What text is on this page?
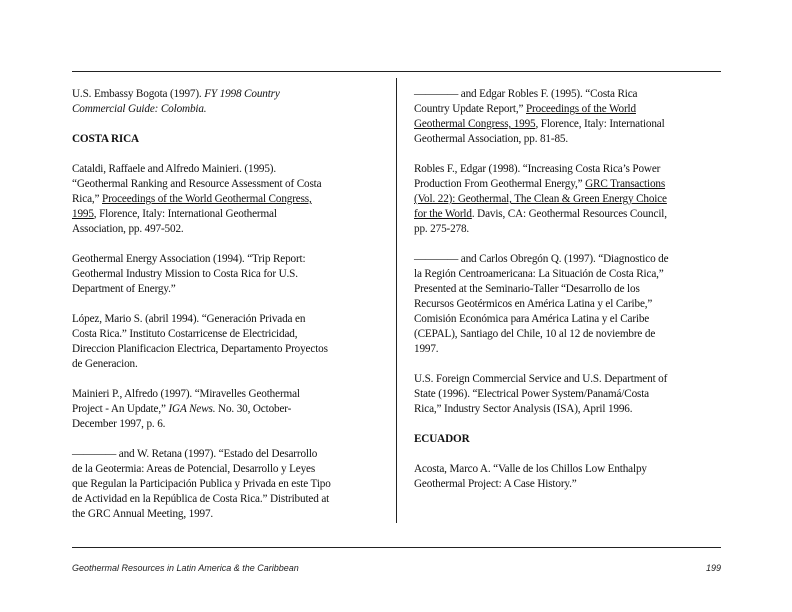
U.S. Embassy Bogota (1997). FY 1998 Country
Commercial Guide: Colombia.
COSTA RICA
Cataldi, Raffaele and Alfredo Mainieri. (1995).
“Geothermal Ranking and Resource Assessment of Costa
Rica,” Proceedings of the World Geothermal Congress,
1995, Florence, Italy: International Geothermal
Association, pp. 497-502.
Geothermal Energy Association (1994). “Trip Report:
Geothermal Industry Mission to Costa Rica for U.S.
Department of Energy.”
López, Mario S. (abril 1994). “Generación Privada en
Costa Rica.” Instituto Costarricense de Electricidad,
Direccion Planificacion Electrica, Departamento Proyectos
de Generacion.
Mainieri P., Alfredo (1997). “Miravelles Geothermal
Project - An Update,” IGA News. No. 30, October-
December 1997, p. 6.
———— and W. Retana (1997). “Estado del Desarrollo
de la Geotermia: Areas de Potencial, Desarrollo y Leyes
que Regulan la Participación Publica y Privada en este Tipo
de Actividad en la República de Costa Rica.” Distributed at
the GRC Annual Meeting, 1997.
———— and Edgar Robles F. (1995). “Costa Rica
Country Update Report,” Proceedings of the World
Geothermal Congress, 1995, Florence, Italy: International
Geothermal Association, pp. 81-85.
Robles F., Edgar (1998). “Increasing Costa Rica’s Power
Production From Geothermal Energy,” GRC Transactions
(Vol. 22): Geothermal, The Clean & Green Energy Choice
for the World. Davis, CA: Geothermal Resources Council,
pp. 275-278.
———— and Carlos Obregón Q. (1997). “Diagnostico de
la Región Centroamericana: La Situación de Costa Rica,”
Presented at the Seminario-Taller “Desarrollo de los
Recursos Geotérmicos en América Latina y el Caribe,”
Comisión Económica para América Latina y el Caribe
(CEPAL), Santiago del Chile, 10 al 12 de noviembre de
1997.
U.S. Foreign Commercial Service and U.S. Department of
State (1996). “Electrical Power System/Panamá/Costa
Rica,” Industry Sector Analysis (ISA), April 1996.
ECUADOR
Acosta, Marco A. “Valle de los Chillos Low Enthalpy
Geothermal Project: A Case History.”
Geothermal Resources in Latin America & the Caribbean	199
